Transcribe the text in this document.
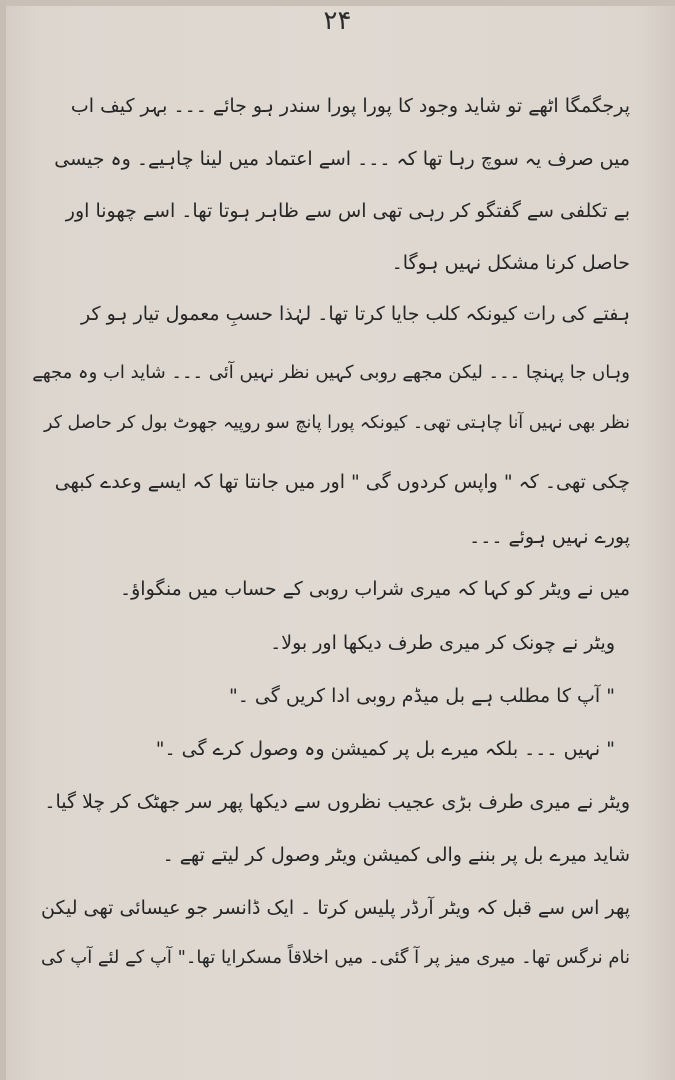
۲۴
پرجگمگا اٹھے تو شاید وجود کا پورا پورا سندر ہو جائے ۔۔۔ بہر کیف اب
میں صرف یہ سوچ رہا تھا کہ ۔۔۔ اسے اعتماد میں لینا چاہیے۔ وہ جیسی
بے تکلفی سے گفتگو کر رہی تھی اس سے ظاہر ہوتا تھا۔ اسے چھونا اور
حاصل کرنا مشکل نہیں ہوگا۔
ہفتے کی رات کیونکہ کلب جایا کرتا تھا۔ لہٰذا حسبِ معمول تیار ہو کر
وہاں جا پہنچا ۔۔۔ لیکن مجھے روبی کہیں نظر نہیں آئی ۔۔۔ شاید اب وہ مجھے
نظر بھی نہیں آنا چاہتی تھی۔ کیونکہ پورا پانچ سو روپیہ جھوٹ بول کر حاصل کر
چکی تھی۔ کہ " واپس کردوں گی " اور میں جانتا تھا کہ ایسے وعدے کبھی
پورے نہیں ہوئے ۔۔۔
میں نے ویٹر کو کہا کہ میری شراب روبی کے حساب میں منگواؤ۔
ویٹر نے چونک کر میری طرف دیکھا اور بولا۔
" آپ کا مطلب ہے بل میڈم روبی ادا کریں گی ۔"
" نہیں ۔۔۔ بلکہ میرے بل پر کمیشن وہ وصول کرے گی ۔"
ویٹر نے میری طرف بڑی عجیب نظروں سے دیکھا پھر سر جھٹک کر چلا گیا۔
شاید میرے بل پر بننے والی کمیشن ویٹر وصول کر لیتے تھے ۔
پھر اس سے قبل کہ ویٹر آرڈر پلیس کرتا ۔ ایک ڈانسر جو عیسائی تھی لیکن
نام نرگس تھا۔ میری میز پر آ گئی۔ میں اخلاقاً مسکرایا تھا۔" آپ کے لئے آپ کی
